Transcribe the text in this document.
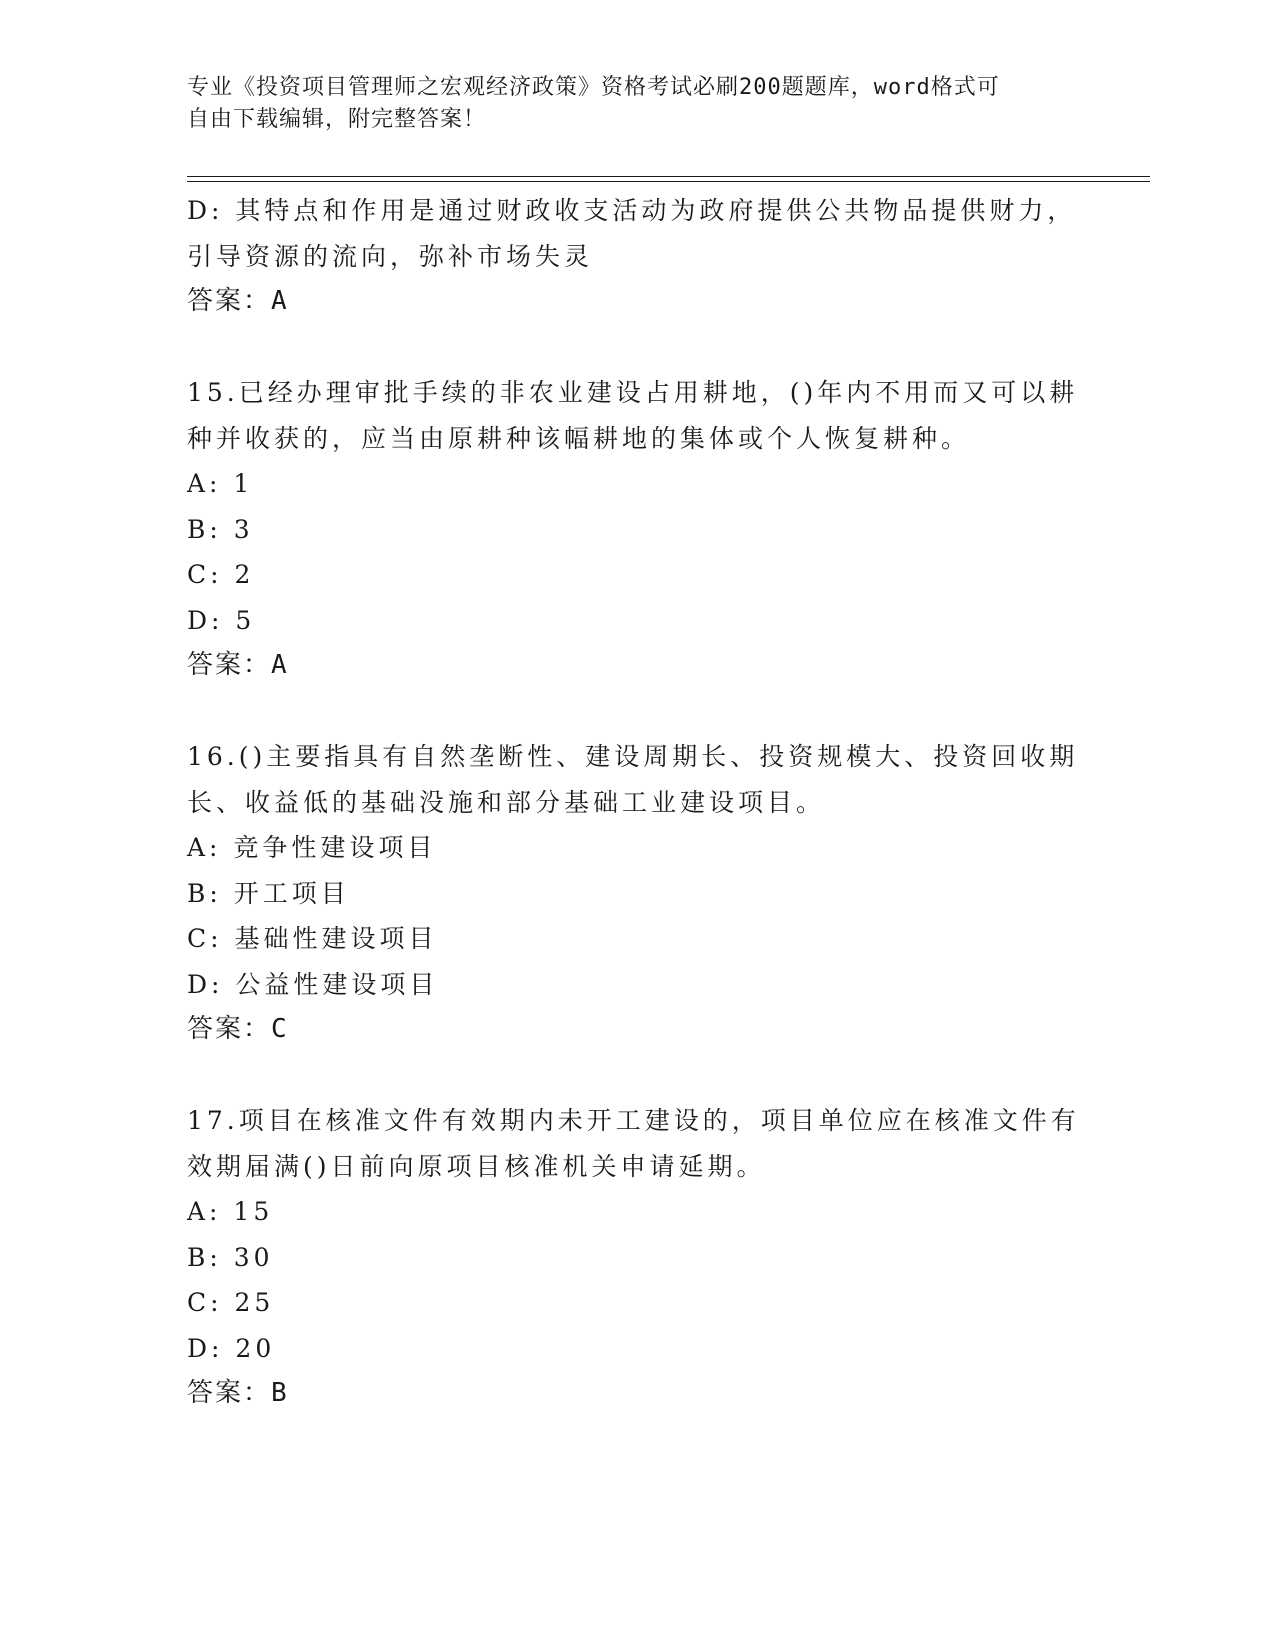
专业《投资项目管理师之宏观经济政策》资格考试必刷200题题库，word格式可
自由下载编辑，附完整答案！
D: 其特点和作用是通过财政收支活动为政府提供公共物品提供财力，
引导资源的流向，弥补市场失灵
答案：A
15.已经办理审批手续的非农业建设占用耕地，()年内不用而又可以耕
种并收获的，应当由原耕种该幅耕地的集体或个人恢复耕种。
A: 1
B: 3
C: 2
D: 5
答案：A
16.()主要指具有自然垄断性、建设周期长、投资规模大、投资回收期
长、收益低的基础没施和部分基础工业建设项目。
A: 竞争性建设项目
B: 开工项目
C: 基础性建设项目
D: 公益性建设项目
答案：C
17.项目在核准文件有效期内未开工建设的，项目单位应在核准文件有
效期届满()日前向原项目核准机关申请延期。
A: 15
B: 30
C: 25
D: 20
答案：B
